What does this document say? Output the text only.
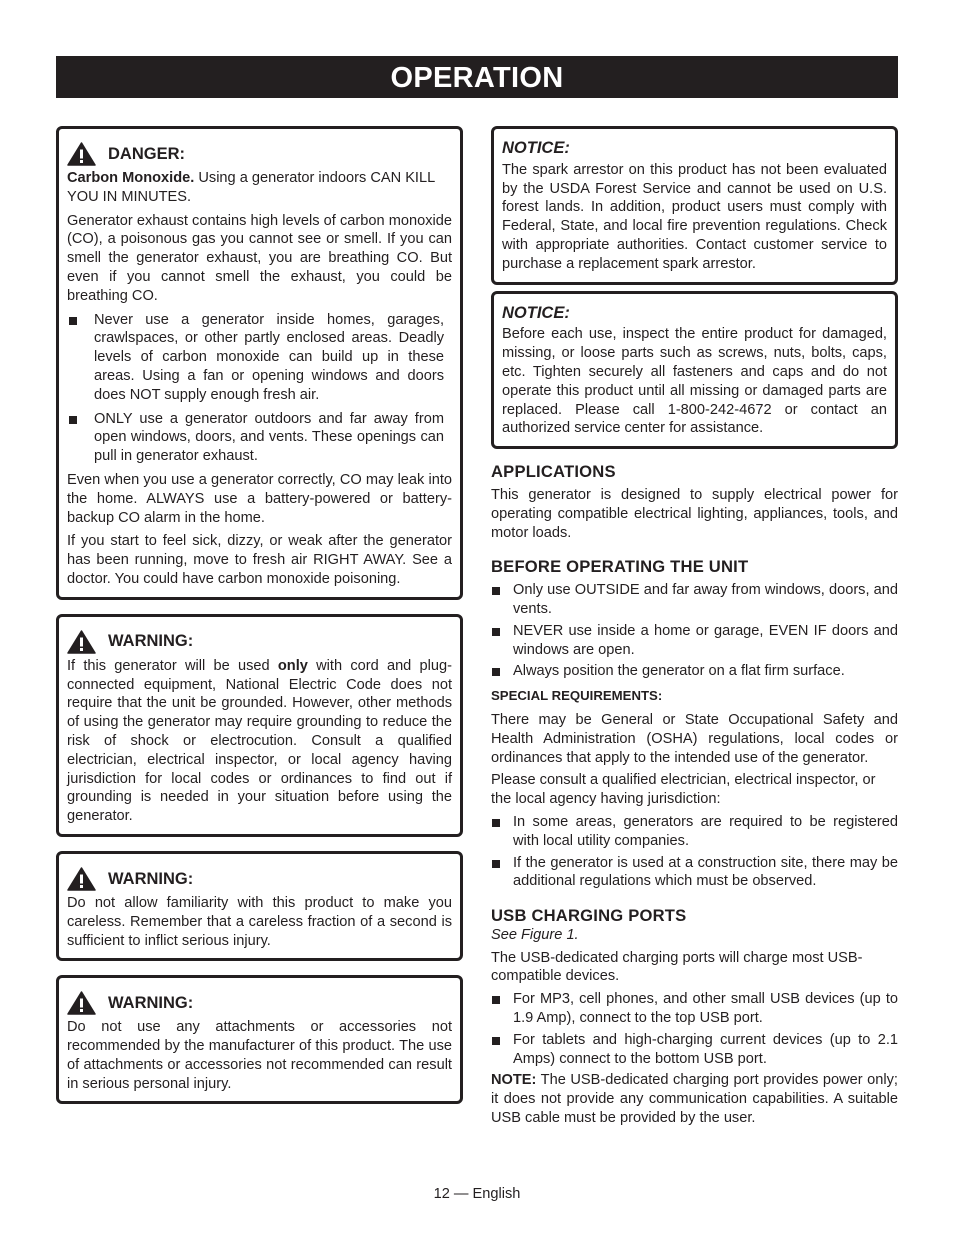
OPERATION
DANGER:

Carbon Monoxide. Using a generator indoors CAN KILL YOU IN MINUTES.

Generator exhaust contains high levels of carbon monoxide (CO), a poisonous gas you cannot see or smell. If you can smell the generator exhaust, you are breathing CO. But even if you cannot smell the exhaust, you could be breathing CO.

Never use a generator inside homes, garages, crawlspaces, or other partly enclosed areas. Deadly levels of carbon monoxide can build up in these areas. Using a fan or opening windows and doors does NOT supply enough fresh air.
ONLY use a generator outdoors and far away from open windows, doors, and vents. These openings can pull in generator exhaust.

Even when you use a generator correctly, CO may leak into the home. ALWAYS use a battery-powered or battery-backup CO alarm in the home.

If you start to feel sick, dizzy, or weak after the generator has been running, move to fresh air RIGHT AWAY. See a doctor. You could have carbon monoxide poisoning.

WARNING:

If this generator will be used only with cord and plug-connected equipment, National Electric Code does not require that the unit be grounded. However, other methods of using the generator may require grounding to reduce the risk of shock or electrocution. Consult a qualified electrician, electrical inspector, or local agency having jurisdiction for local codes or ordinances to find out if grounding is needed in your situation before using the generator.

WARNING:

Do not allow familiarity with this product to make you careless. Remember that a careless fraction of a second is sufficient to inflict serious injury.

WARNING:

Do not use any attachments or accessories not recommended by the manufacturer of this product. The use of attachments or accessories not recommended can result in serious personal injury.

NOTICE:

The spark arrestor on this product has not been evaluated by the USDA Forest Service and cannot be used on U.S. forest lands. In addition, product users must comply with Federal, State, and local fire prevention regulations. Check with appropriate authorities. Contact customer service to purchase a replacement spark arrestor.

NOTICE:

Before each use, inspect the entire product for damaged, missing, or loose parts such as screws, nuts, bolts, caps, etc. Tighten securely all fasteners and caps and do not operate this product until all missing or damaged parts are replaced. Please call 1-800-242-4672 or contact an authorized service center for assistance.

APPLICATIONS

This generator is designed to supply electrical power for operating compatible electrical lighting, appliances, tools, and motor loads.

BEFORE OPERATING THE UNIT
Only use OUTSIDE and far away from windows, doors, and vents.
NEVER use inside a home or garage, EVEN IF doors and windows are open.
Always position the generator on a flat firm surface.
SPECIAL REQUIREMENTS:

There may be General or State Occupational Safety and Health Administration (OSHA) regulations, local codes or ordinances that apply to the intended use of the generator.

Please consult a qualified electrician, electrical inspector, or the local agency having jurisdiction:

In some areas, generators are required to be registered with local utility companies.
If the generator is used at a construction site, there may be additional regulations which must be observed.
USB CHARGING PORTS

See Figure 1.

The USB-dedicated charging ports will charge most USB-compatible devices.

For MP3, cell phones, and other small USB devices (up to 1.9 Amp), connect to the top USB port.
For tablets and high-charging current devices (up to 2.1 Amps) connect to the bottom USB port.

NOTE: The USB-dedicated charging port provides power only; it does not provide any communication capabilities. A suitable USB cable must be provided by the user.

12 — English
